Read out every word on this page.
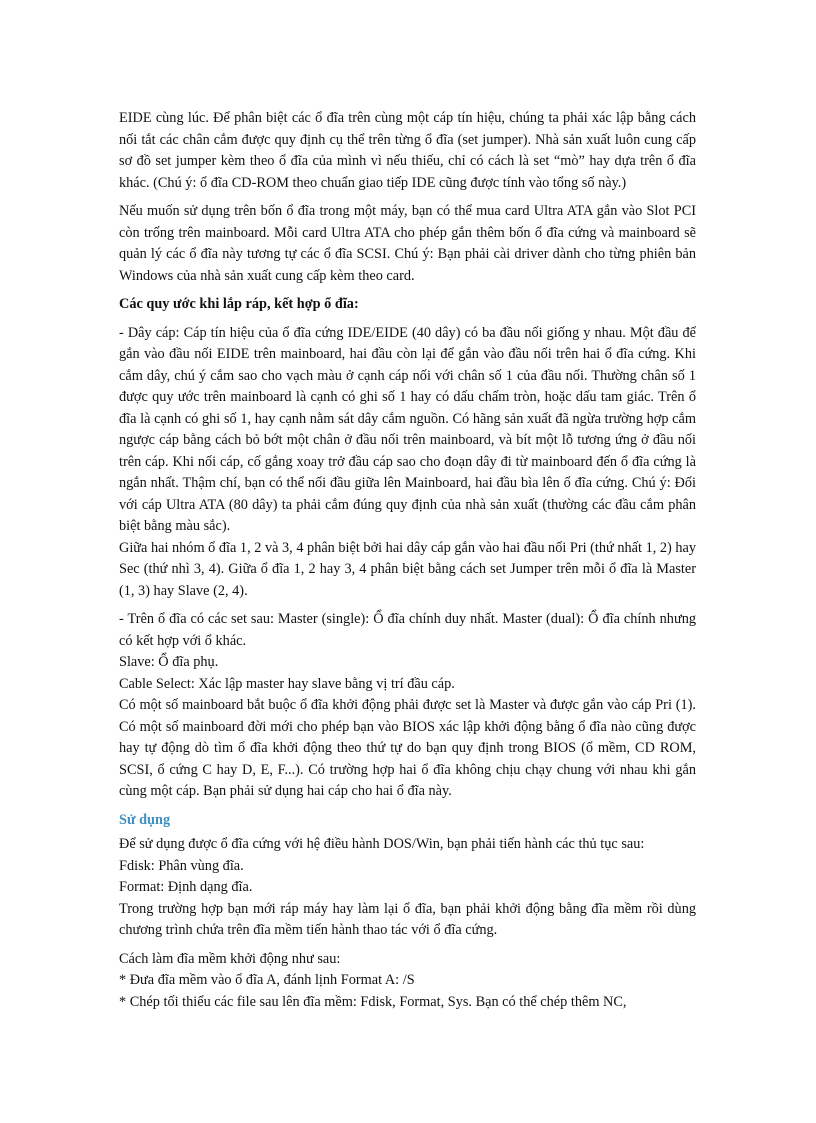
EIDE cùng lúc. Để phân biệt các ổ đĩa trên cùng một cáp tín hiệu, chúng ta phải xác lập bằng cách nối tắt các chân cắm được quy định cụ thể trên từng ổ đĩa (set jumper). Nhà sản xuất luôn cung cấp sơ đồ set jumper kèm theo ổ đĩa của mình vì nếu thiếu, chỉ có cách là set “mò” hay dựa trên ổ đĩa khác. (Chú ý: ổ đĩa CD-ROM theo chuẩn giao tiếp IDE cũng được tính vào tổng số này.)

Nếu muốn sử dụng trên bốn ổ đĩa trong một máy, bạn có thể mua card Ultra ATA gắn vào Slot PCI còn trống trên mainboard. Mỗi card Ultra ATA cho phép gắn thêm bốn ổ đĩa cứng và mainboard sẽ quản lý các ổ đĩa này tương tự các ổ đĩa SCSI. Chú ý: Bạn phải cài driver dành cho từng phiên bản Windows của nhà sản xuất cung cấp kèm theo card.

Các quy ước khi lắp ráp, kết hợp ổ đĩa:

- Dây cáp: Cáp tín hiệu của ổ đĩa cứng IDE/EIDE (40 dây) có ba đầu nối giống y nhau. Một đầu để gắn vào đầu nối EIDE trên mainboard, hai đầu còn lại để gắn vào đầu nối trên hai ổ đĩa cứng. Khi cắm dây, chú ý cắm sao cho vạch màu ở cạnh cáp nối với chân số 1 của đầu nối. Thường chân số 1 được quy ước trên mainboard là cạnh có ghi số 1 hay có dấu chấm tròn, hoặc dấu tam giác. Trên ổ đĩa là cạnh có ghi số 1, hay cạnh nằm sát dây cắm nguồn. Có hãng sản xuất đã ngừa trường hợp cắm ngược cáp bằng cách bỏ bớt một chân ở đầu nối trên mainboard, và bít một lỗ tương ứng ở đầu nối trên cáp. Khi nối cáp, cố gắng xoay trở đầu cáp sao cho đoạn dây đi từ mainboard đến ổ đĩa cứng là ngắn nhất. Thậm chí, bạn có thể nối đầu giữa lên Mainboard, hai đầu bìa lên ổ đĩa cứng. Chú ý: Đối với cáp Ultra ATA (80 dây) ta phải cắm đúng quy định của nhà sản xuất (thường các đầu cắm phân biệt bằng màu sắc).

Giữa hai nhóm ổ đĩa 1, 2 và 3, 4 phân biệt bởi hai dây cáp gắn vào hai đầu nối Pri (thứ nhất 1, 2) hay Sec (thứ nhì 3, 4). Giữa ổ đĩa 1, 2 hay 3, 4 phân biệt bằng cách set Jumper trên mỗi ổ đĩa là Master (1, 3) hay Slave (2, 4).

- Trên ổ đĩa có các set sau: Master (single): Ổ đĩa chính duy nhất. Master (dual): Ổ đĩa chính nhưng có kết hợp với ổ khác.

Slave: Ổ đĩa phụ.

Cable Select: Xác lập master hay slave bằng vị trí đầu cáp.

Có một số mainboard bắt buộc ổ đĩa khởi động phải được set là Master và được gắn vào cáp Pri (1). Có một số mainboard đời mới cho phép bạn vào BIOS xác lập khởi động bằng ổ đĩa nào cũng được hay tự động dò tìm ổ đĩa khởi động theo thứ tự do bạn quy định trong BIOS (ổ mềm, CD ROM, SCSI, ổ cứng C hay D, E, F...). Có trường hợp hai ổ đĩa không chịu chạy chung với nhau khi gắn cùng một cáp. Bạn phải sử dụng hai cáp cho hai ổ đĩa này.

Sử dụng

Để sử dụng được ổ đĩa cứng với hệ điều hành DOS/Win, bạn phải tiến hành các thủ tục sau:

Fdisk: Phân vùng đĩa.

Format: Định dạng đĩa.

Trong trường hợp bạn mới ráp máy hay làm lại ổ đĩa, bạn phải khởi động bằng đĩa mềm rồi dùng chương trình chứa trên đĩa mềm tiến hành thao tác với ổ đĩa cứng.

Cách làm đĩa mềm khởi động như sau:

* Đưa đĩa mềm vào ổ đĩa A, đánh lịnh Format A: /S

* Chép tối thiểu các file sau lên đĩa mềm: Fdisk, Format, Sys. Bạn có thể chép thêm NC,
